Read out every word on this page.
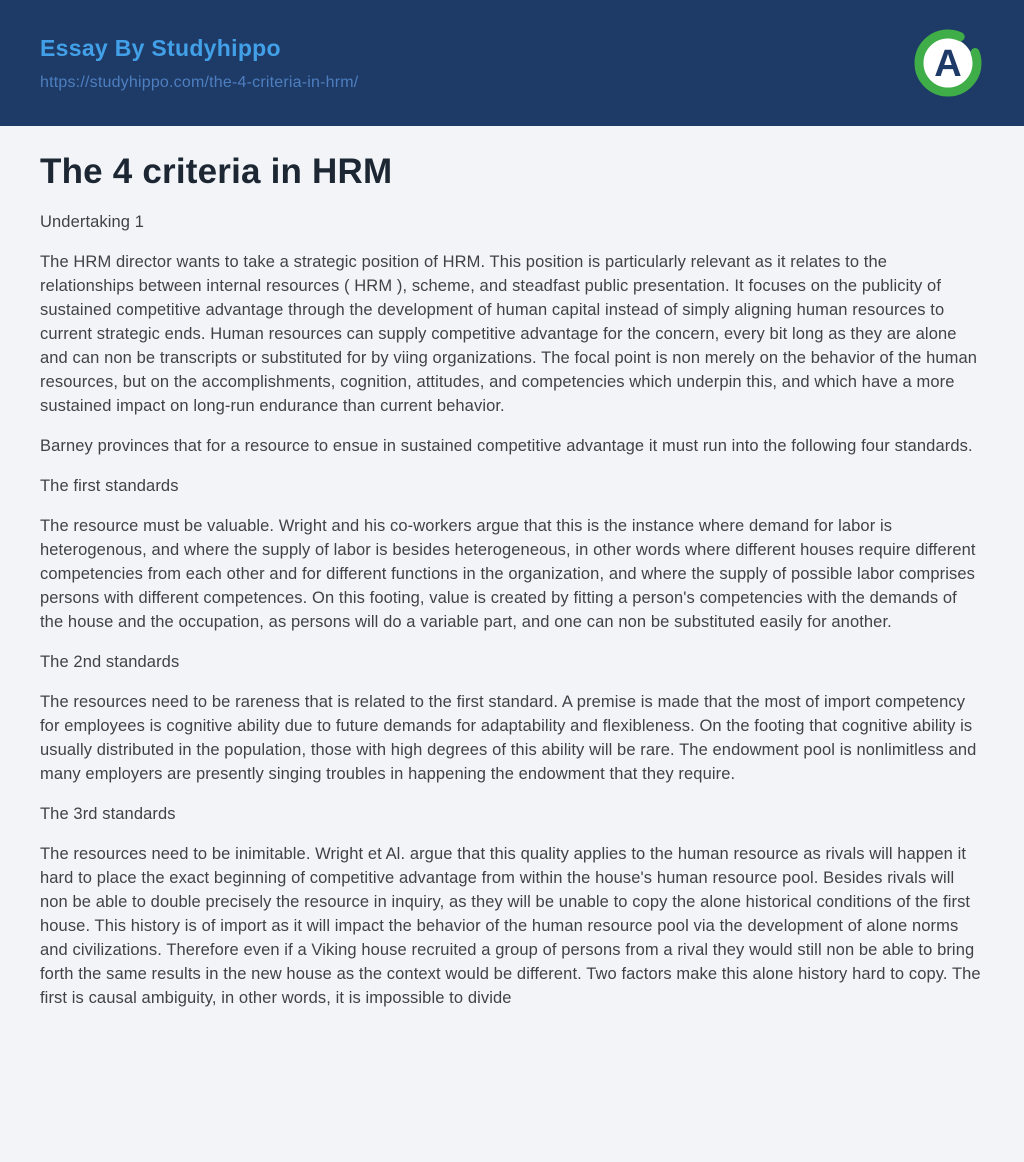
Essay By Studyhippo
https://studyhippo.com/the-4-criteria-in-hrm/	A
The 4 criteria in HRM

Undertaking 1

The HRM director wants to take a strategic position of HRM. This position is particularly relevant as it relates to the relationships between internal resources ( HRM ), scheme, and steadfast public presentation. It focuses on the publicity of sustained competitive advantage through the development of human capital instead of simply aligning human resources to current strategic ends. Human resources can supply competitive advantage for the concern, every bit long as they are alone and can non be transcripts or substituted for by viing organizations. The focal point is non merely on the behavior of the human resources, but on the accomplishments, cognition, attitudes, and competencies which underpin this, and which have a more sustained impact on long-run endurance than current behavior.

Barney provinces that for a resource to ensue in sustained competitive advantage it must run into the following four standards.

The first standards

The resource must be valuable. Wright and his co-workers argue that this is the instance where demand for labor is heterogenous, and where the supply of labor is besides heterogeneous, in other words where different houses require different competencies from each other and for different functions in the organization, and where the supply of possible labor comprises persons with different competences. On this footing, value is created by fitting a person's competencies with the demands of the house and the occupation, as persons will do a variable part, and one can non be substituted easily for another.

The 2nd standards

The resources need to be rareness that is related to the first standard. A premise is made that the most of import competency for employees is cognitive ability due to future demands for adaptability and flexibleness. On the footing that cognitive ability is usually distributed in the population, those with high degrees of this ability will be rare. The endowment pool is nonlimitless and many employers are presently singing troubles in happening the endowment that they require.

The 3rd standards

The resources need to be inimitable. Wright et Al. argue that this quality applies to the human resource as rivals will happen it hard to place the exact beginning of competitive advantage from within the house's human resource pool. Besides rivals will non be able to double precisely the resource in inquiry, as they will be unable to copy the alone historical conditions of the first house. This history is of import as it will impact the behavior of the human resource pool via the development of alone norms and civilizations. Therefore even if a Viking house recruited a group of persons from a rival they would still non be able to bring forth the same results in the new house as the context would be different. Two factors make this alone history hard to copy. The first is causal ambiguity, in other words, it is impossible to divide
